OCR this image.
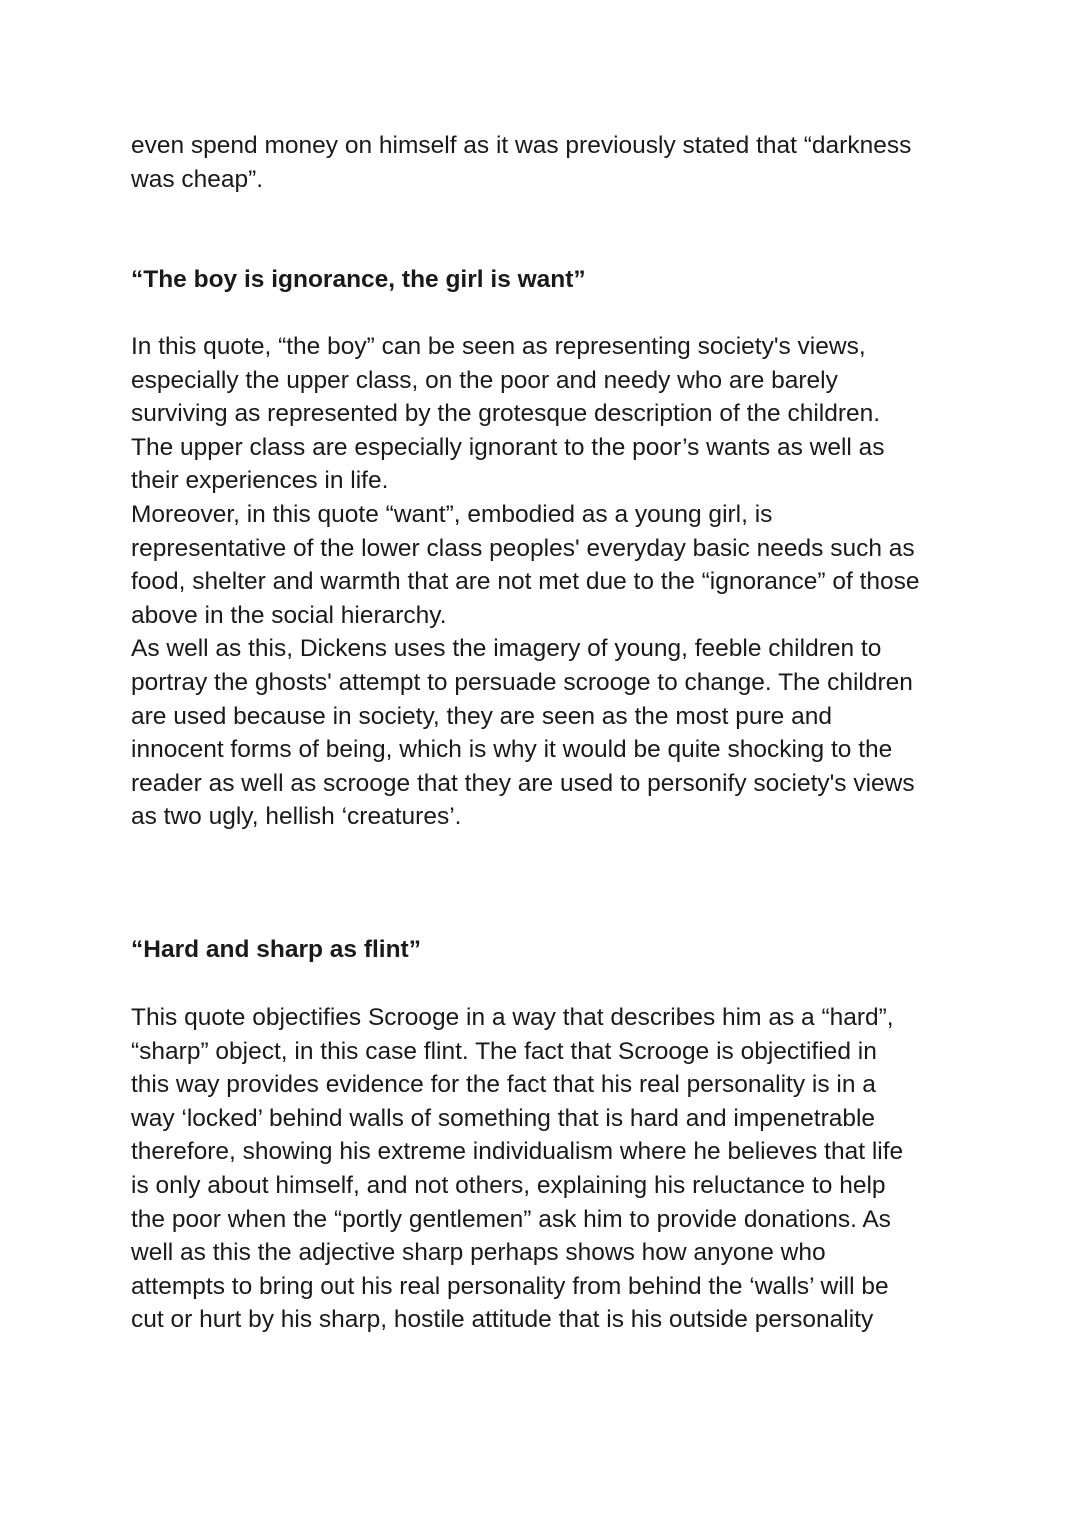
even spend money on himself as it was previously stated that “darkness
was cheap”.
“The boy is ignorance, the girl is want”
In this quote, “the boy” can be seen as representing society's views,
especially the upper class, on the poor and needy who are barely
surviving as represented by the grotesque description of the children.
The upper class are especially ignorant to the poor’s wants as well as
their experiences in life.
Moreover, in this quote “want”, embodied as a young girl, is
representative of the lower class peoples' everyday basic needs such as
food, shelter and warmth that are not met due to the “ignorance” of those
above in the social hierarchy.
As well as this, Dickens uses the imagery of young, feeble children to
portray the ghosts' attempt to persuade scrooge to change. The children
are used because in society, they are seen as the most pure and
innocent forms of being, which is why it would be quite shocking to the
reader as well as scrooge that they are used to personify society's views
as two ugly, hellish ‘creatures’.
“Hard and sharp as flint”
This quote objectifies Scrooge in a way that describes him as a “hard”,
“sharp” object, in this case flint. The fact that Scrooge is objectified in
this way provides evidence for the fact that his real personality is in a
way ‘locked’ behind walls of something that is hard and impenetrable
therefore, showing his extreme individualism where he believes that life
is only about himself, and not others, explaining his reluctance to help
the poor when the “portly gentlemen” ask him to provide donations. As
well as this the adjective sharp perhaps shows how anyone who
attempts to bring out his real personality from behind the ‘walls’ will be
cut or hurt by his sharp, hostile attitude that is his outside personality
